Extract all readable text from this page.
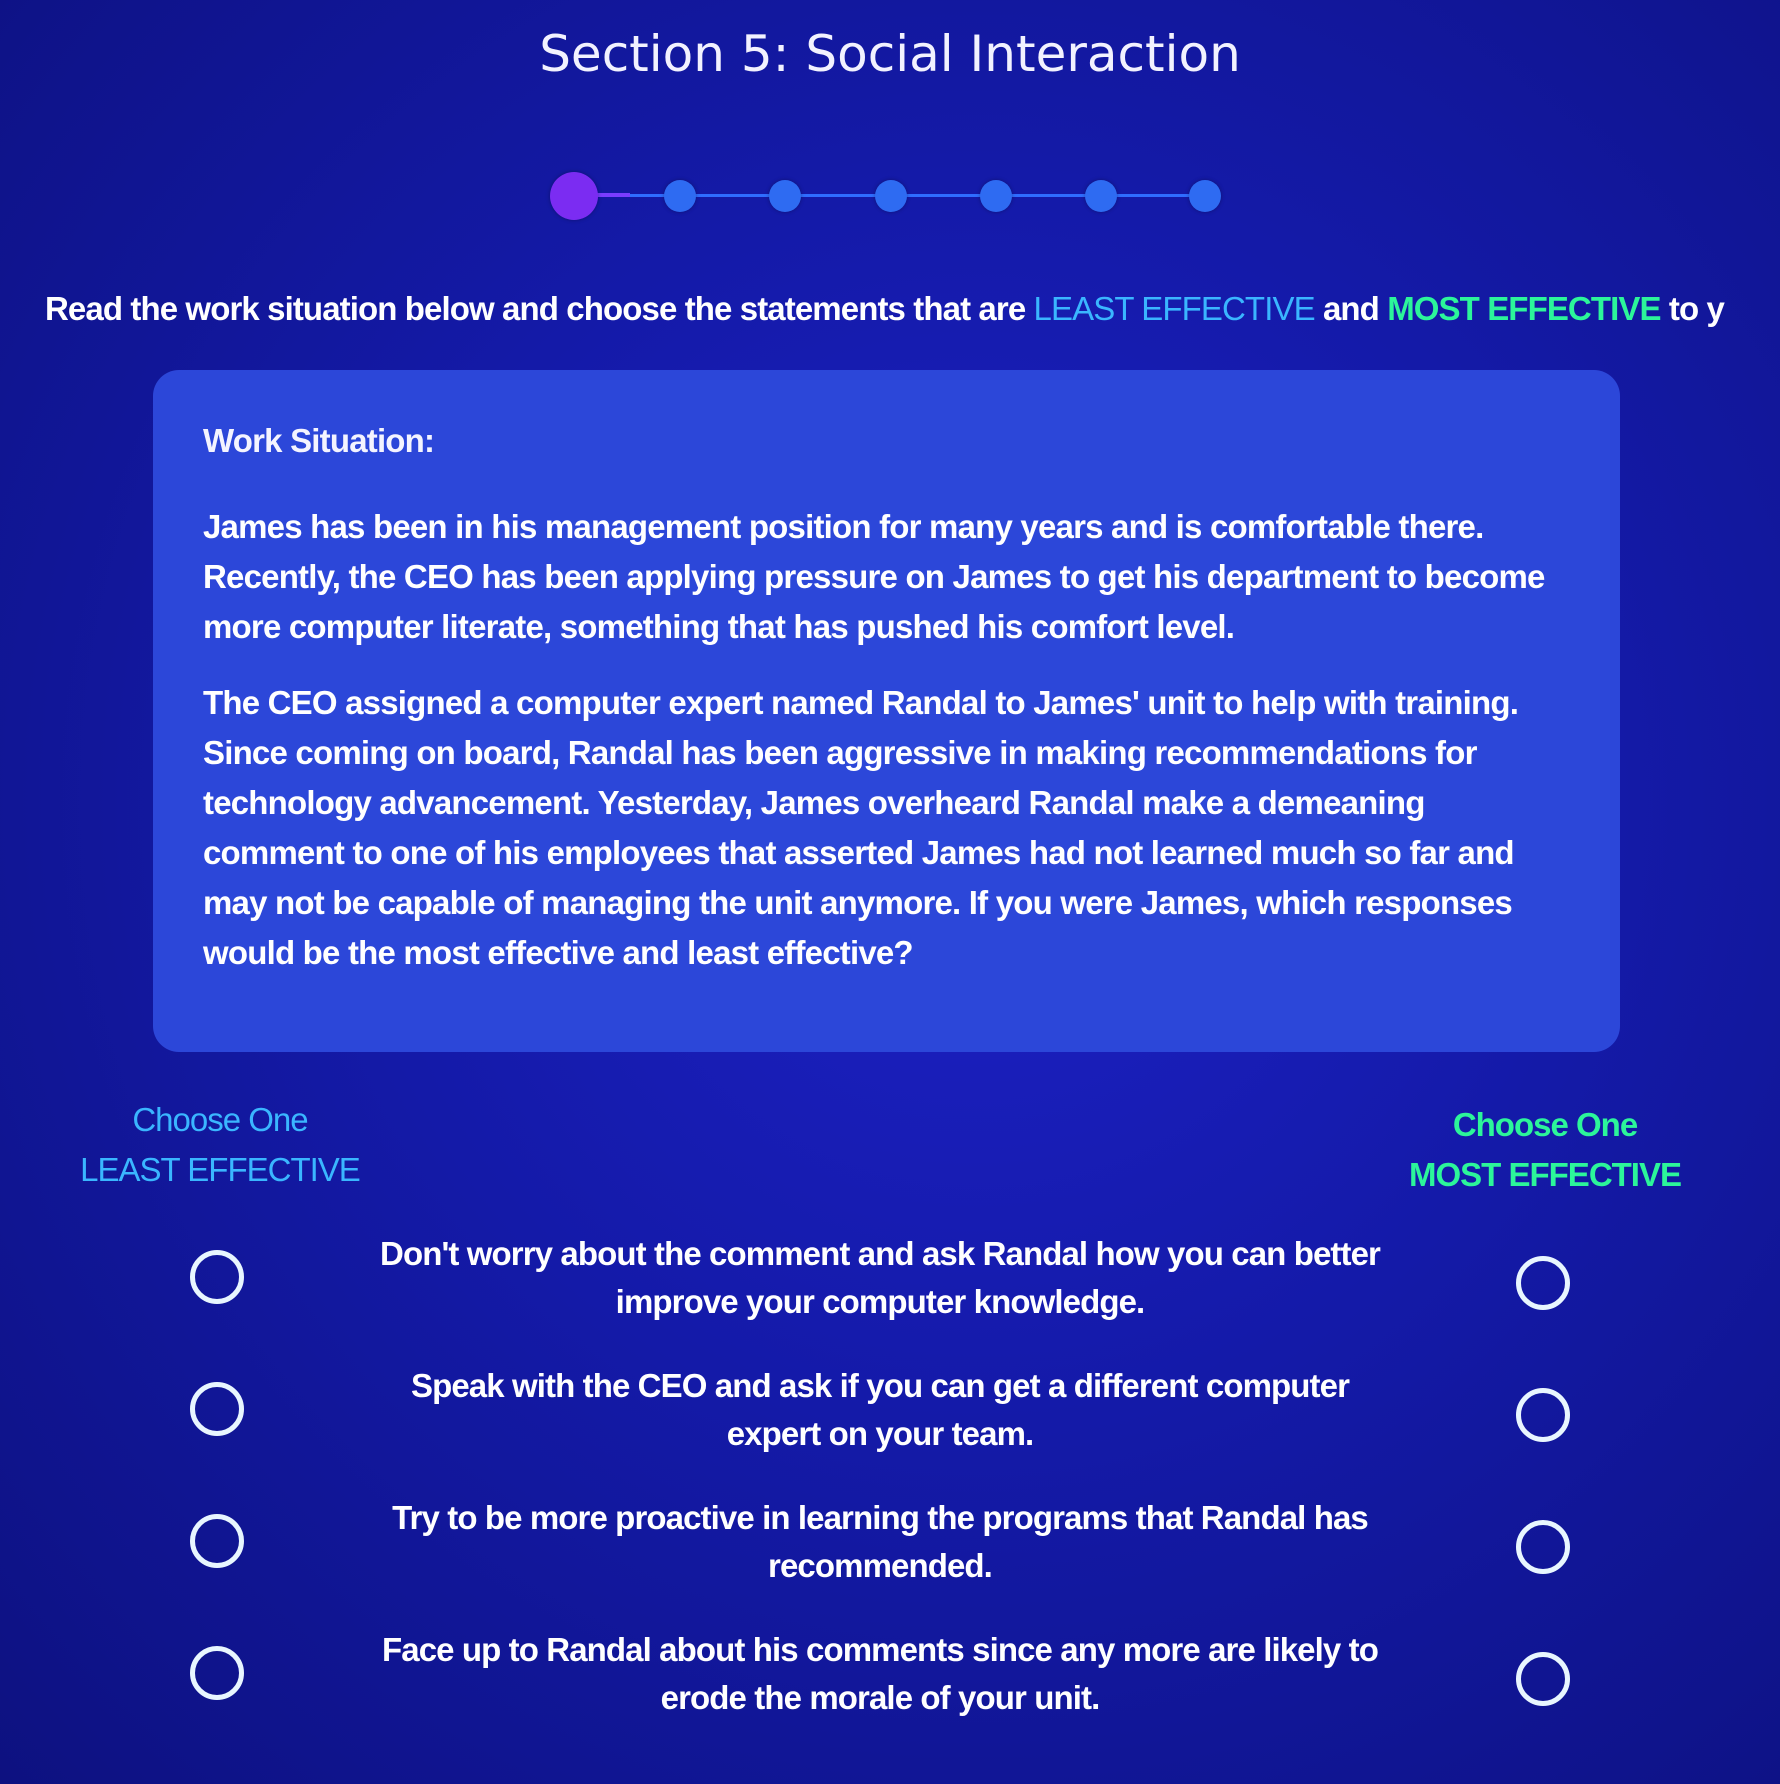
Section 5: Social Interaction
Read the work situation below and choose the statements that are LEAST EFFECTIVE and MOST EFFECTIVE to y
Work Situation:

James has been in his management position for many years and is comfortable there. Recently, the CEO has been applying pressure on James to get his department to become more computer literate, something that has pushed his comfort level.

The CEO assigned a computer expert named Randal to James' unit to help with training. Since coming on board, Randal has been aggressive in making recommendations for technology advancement. Yesterday, James overheard Randal make a demeaning comment to one of his employees that asserted James had not learned much so far and may not be capable of managing the unit anymore. If you were James, which responses would be the most effective and least effective?

Choose One
LEAST EFFECTIVE
Choose One
MOST EFFECTIVE
Don't worry about the comment and ask Randal how you can better improve your computer knowledge.
Speak with the CEO and ask if you can get a different computer expert on your team.
Try to be more proactive in learning the programs that Randal has recommended.
Face up to Randal about his comments since any more are likely to erode the morale of your unit.
